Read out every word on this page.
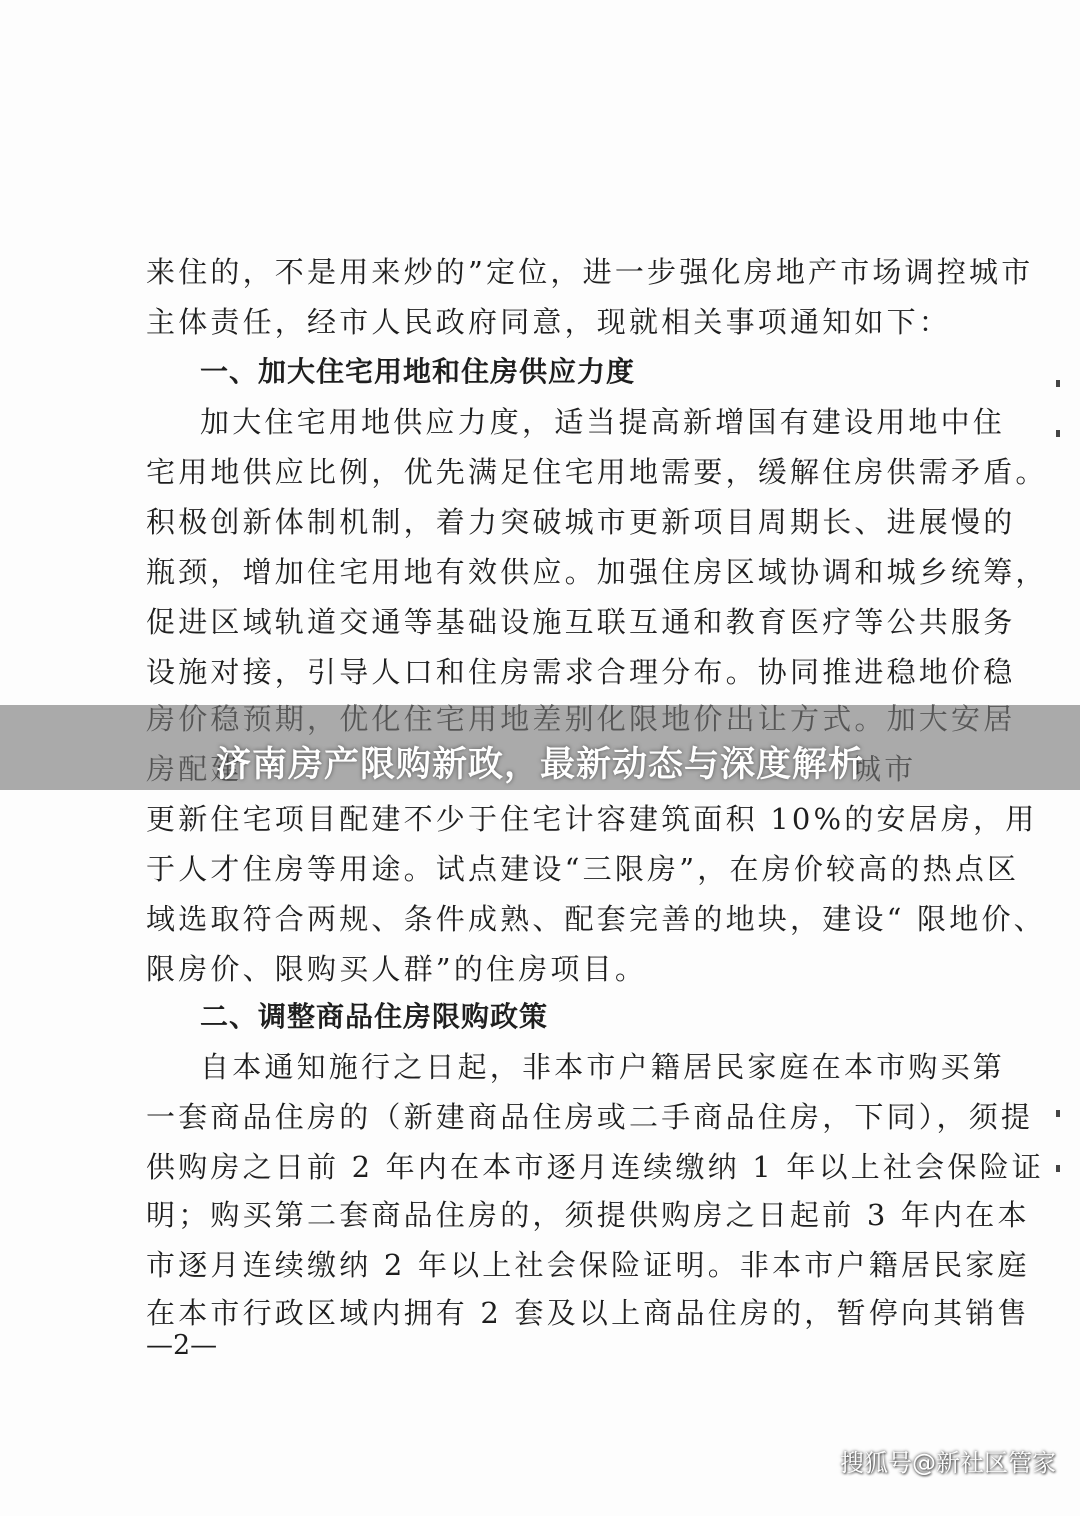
来住的，不是用来炒的”定位，进一步强化房地产市场调控城市
主体责任，经市人民政府同意，现就相关事项通知如下：
一、加大住宅用地和住房供应力度
加大住宅用地供应力度，适当提高新增国有建设用地中住
宅用地供应比例，优先满足住宅用地需要，缓解住房供需矛盾。
积极创新体制机制，着力突破城市更新项目周期长、进展慢的
瓶颈，增加住宅用地有效供应。加强住房区域协调和城乡统筹，
促进区域轨道交通等基础设施互联互通和教育医疗等公共服务
设施对接，引导人口和住房需求合理分布。协同推进稳地价稳
更新住宅项目配建不少于住宅计容建筑面积 10%的安居房，用
于人才住房等用途。试点建设“三限房”，在房价较高的热点区
域选取符合两规、条件成熟、配套完善的地块，建设“ 限地价、
限房价、限购买人群”的住房项目。
二、调整商品住房限购政策
自本通知施行之日起，非本市户籍居民家庭在本市购买第
一套商品住房的（新建商品住房或二手商品住房，下同），须提
供购房之日前 2 年内在本市逐月连续缴纳 1 年以上社会保险证
明；购买第二套商品住房的，须提供购房之日起前 3 年内在本
市逐月连续缴纳 2 年以上社会保险证明。非本市户籍居民家庭
在本市行政区域内拥有 2 套及以上商品住房的，暂停向其销售
—2—
济南房产限购新政，最新动态与深度解析
搜狐号@新社区管家
